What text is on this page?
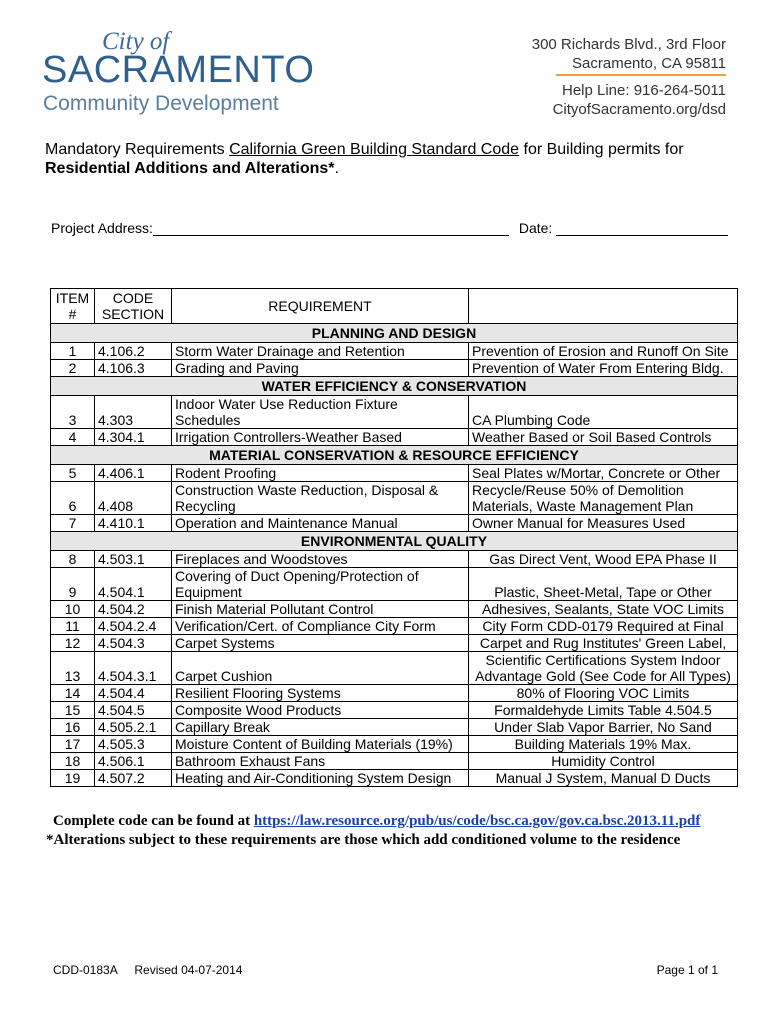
City of
SACRAMENTO
Community Development
300 Richards Blvd., 3rd Floor
Sacramento, CA 95811
Help Line: 916-264-5011
CityofSacramento.org/dsd
Mandatory Requirements California Green Building Standard Code for Building permits for
Residential Additions and Alterations*.
Project Address:	Date:
ITEM #	CODE SECTION	REQUIREMENT	
PLANNING AND DESIGN			
1	4.106.2	Storm Water Drainage and Retention	Prevention of Erosion and Runoff On Site
2	4.106.3	Grading and Paving	Prevention of Water From Entering Bldg.
WATER EFFICIENCY & CONSERVATION			
3	4.303	Indoor Water Use Reduction Fixture Schedules	CA Plumbing Code
4	4.304.1	Irrigation Controllers-Weather Based	Weather Based or Soil Based Controls
MATERIAL CONSERVATION & RESOURCE EFFICIENCY			
5	4.406.1	Rodent Proofing	Seal Plates w/Mortar, Concrete or Other
6	4.408	Construction Waste Reduction, Disposal & Recycling	Recycle/Reuse 50% of Demolition Materials, Waste Management Plan
7	4.410.1	Operation and Maintenance Manual	Owner Manual for Measures Used
ENVIRONMENTAL QUALITY			
8	4.503.1	Fireplaces and Woodstoves	Gas Direct Vent, Wood EPA Phase II
9	4.504.1	Covering of Duct Opening/Protection of Equipment	Plastic, Sheet-Metal, Tape or Other
10	4.504.2	Finish Material Pollutant Control	Adhesives, Sealants, State VOC Limits
11	4.504.2.4	Verification/Cert. of Compliance City Form	City Form CDD-0179 Required at Final
12	4.504.3	Carpet Systems	Carpet and Rug Institutes' Green Label,
13	4.504.3.1	Carpet Cushion	Scientific Certifications System Indoor Advantage Gold (See Code for All Types)
14	4.504.4	Resilient Flooring Systems	80% of Flooring VOC Limits
15	4.504.5	Composite Wood Products	Formaldehyde Limits Table 4.504.5
16	4.505.2.1	Capillary Break	Under Slab Vapor Barrier, No Sand
17	4.505.3	Moisture Content of Building Materials (19%)	Building Materials 19% Max.
18	4.506.1	Bathroom Exhaust Fans	Humidity Control
19	4.507.2	Heating and Air-Conditioning System Design	Manual J System, Manual D Ducts
Complete code can be found at https://law.resource.org/pub/us/code/bsc.ca.gov/gov.ca.bsc.2013.11.pdf
*Alterations subject to these requirements are those which add conditioned volume to the residence
CDD-0183A Revised 04-07-2014	Page 1 of 1
